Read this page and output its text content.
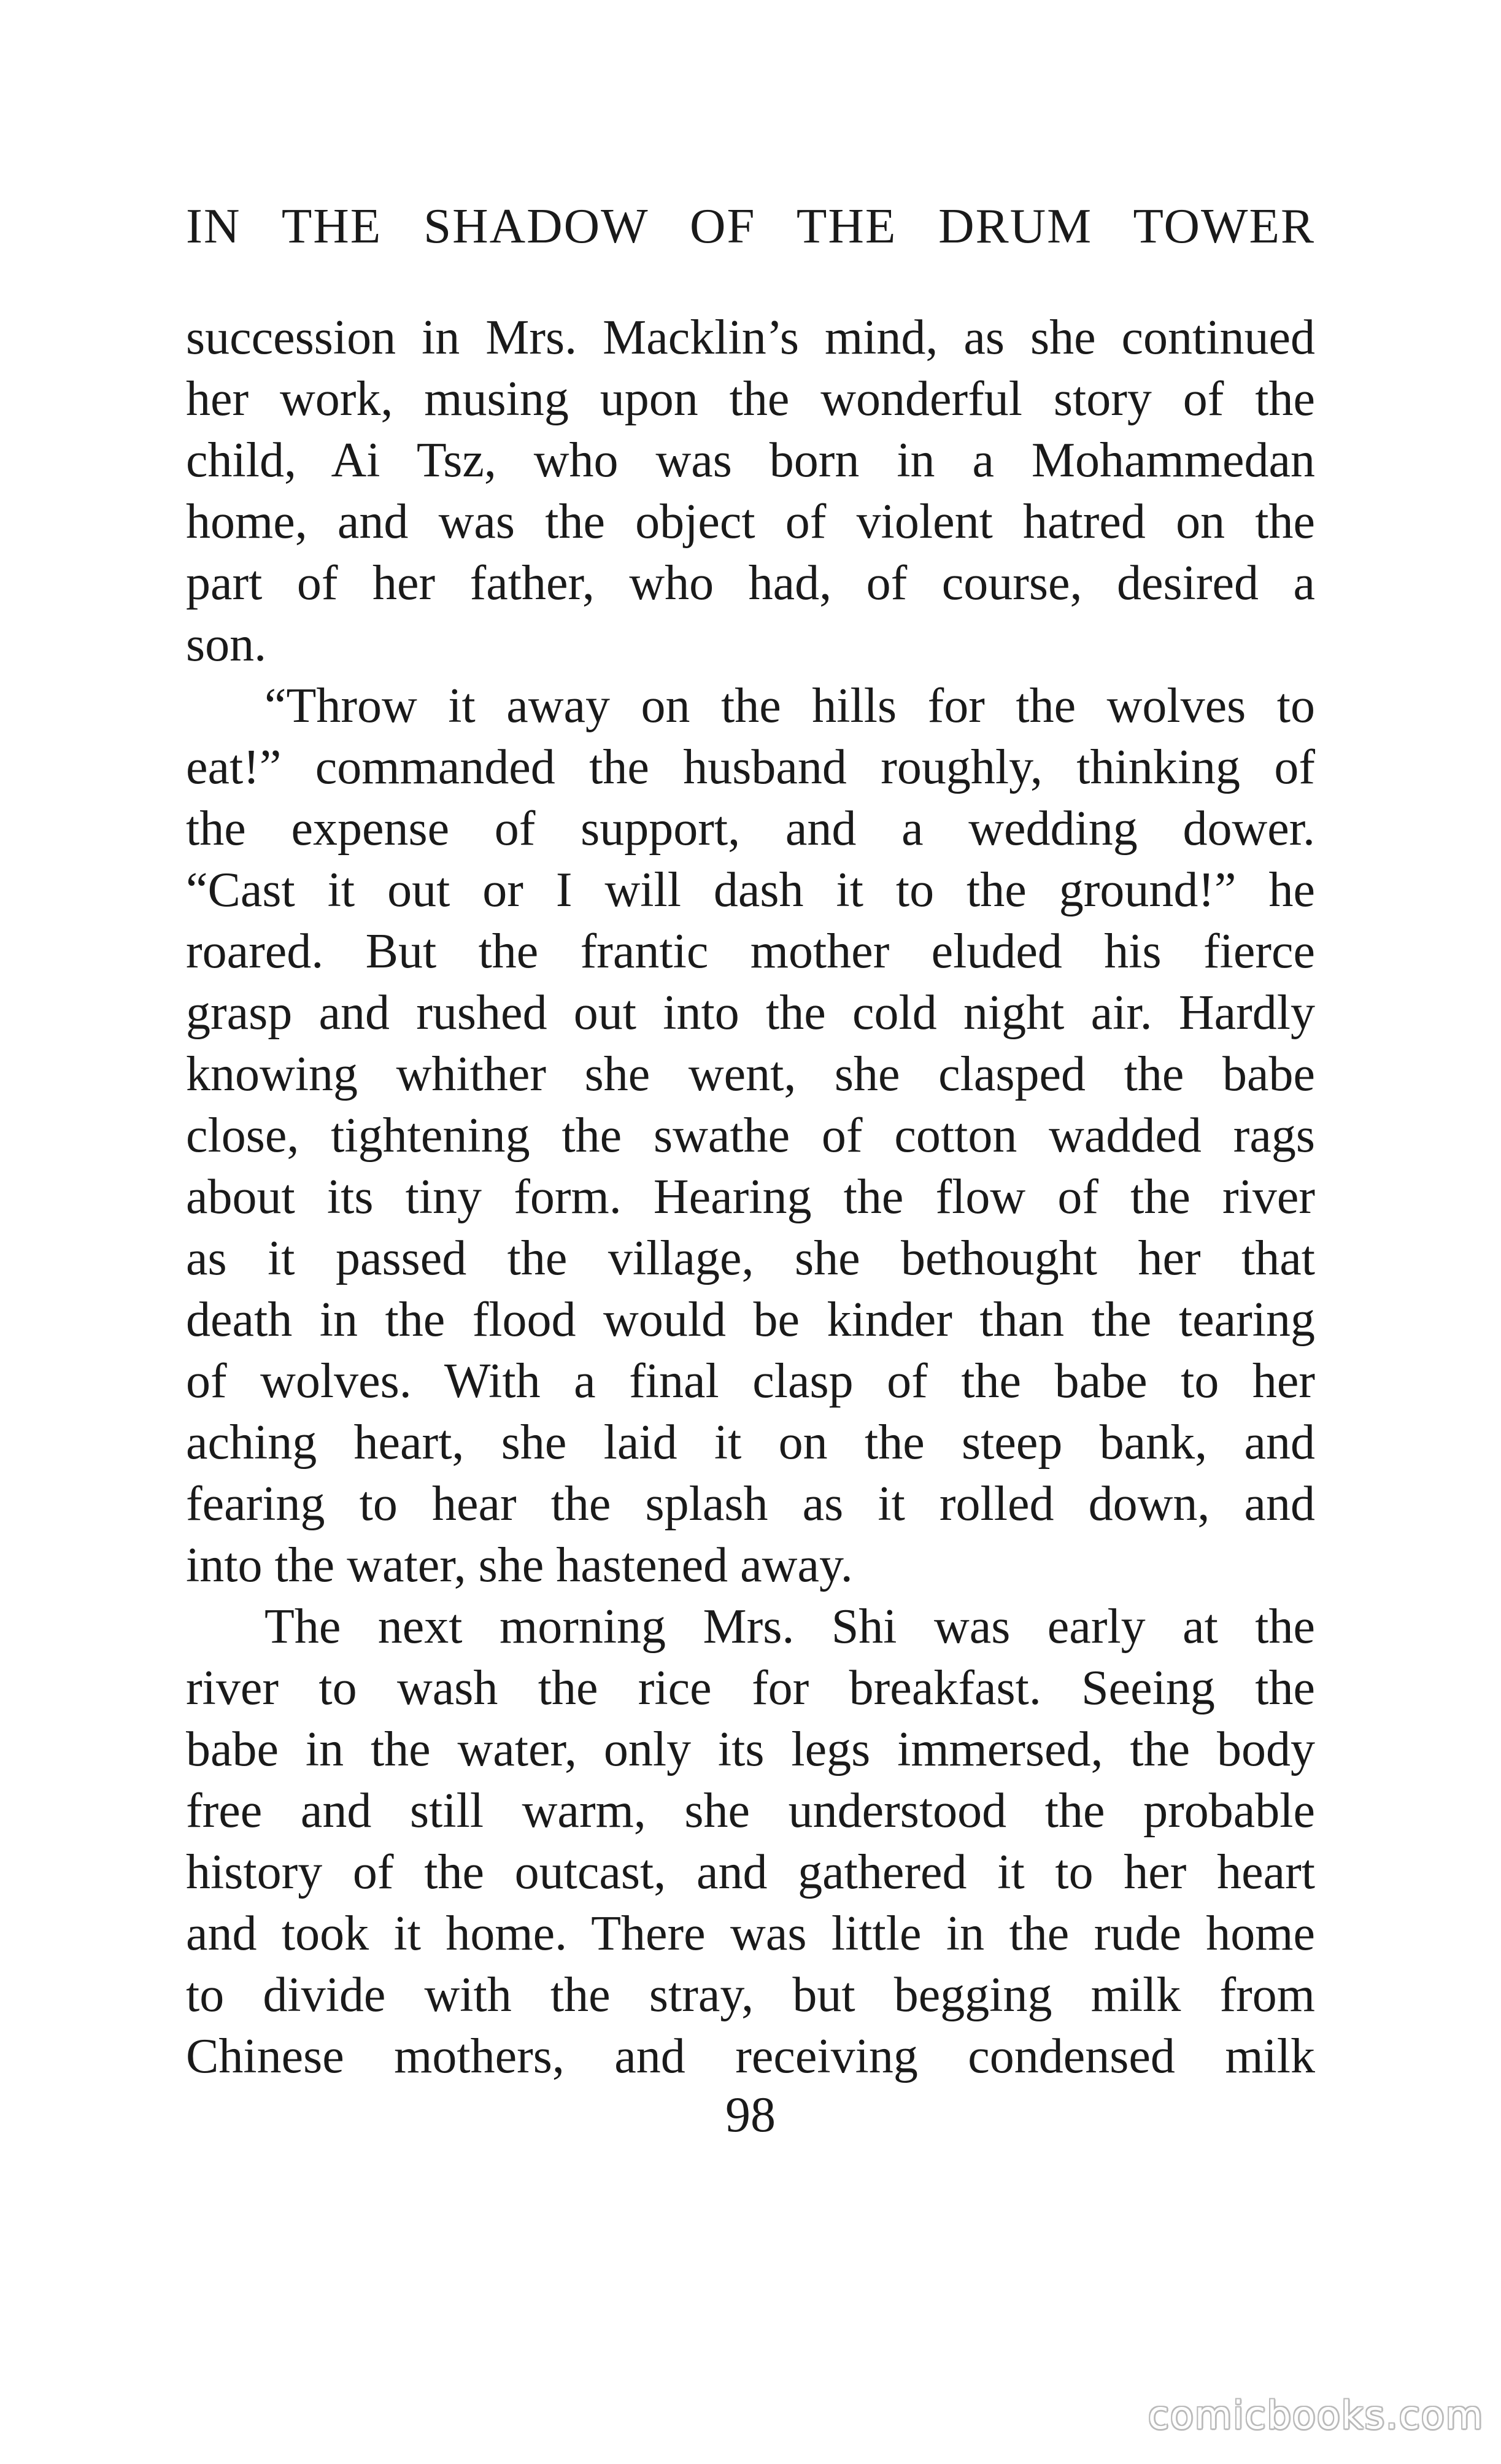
IN THE SHADOW OF THE DRUM TOWER
succession in Mrs. Macklin’s mind, as she continued
her work, musing upon the wonderful story of the
child, Ai Tsz, who was born in a Mohammedan
home, and was the object of violent hatred on the
part of her father, who had, of course, desired a
son.
“Throw it away on the hills for the wolves to
eat!” commanded the husband roughly, thinking of
the expense of support, and a wedding dower.
“Cast it out or I will dash it to the ground!” he
roared. But the frantic mother eluded his fierce
grasp and rushed out into the cold night air. Hardly
knowing whither she went, she clasped the babe
close, tightening the swathe of cotton wadded rags
about its tiny form. Hearing the flow of the river
as it passed the village, she bethought her that
death in the flood would be kinder than the tearing
of wolves. With a final clasp of the babe to her
aching heart, she laid it on the steep bank, and
fearing to hear the splash as it rolled down, and
into the water, she hastened away.
The next morning Mrs. Shi was early at the
river to wash the rice for breakfast. Seeing the
babe in the water, only its legs immersed, the body
free and still warm, she understood the probable
history of the outcast, and gathered it to her heart
and took it home. There was little in the rude home
to divide with the stray, but begging milk from
Chinese mothers, and receiving condensed milk
98
comicbooks.com
